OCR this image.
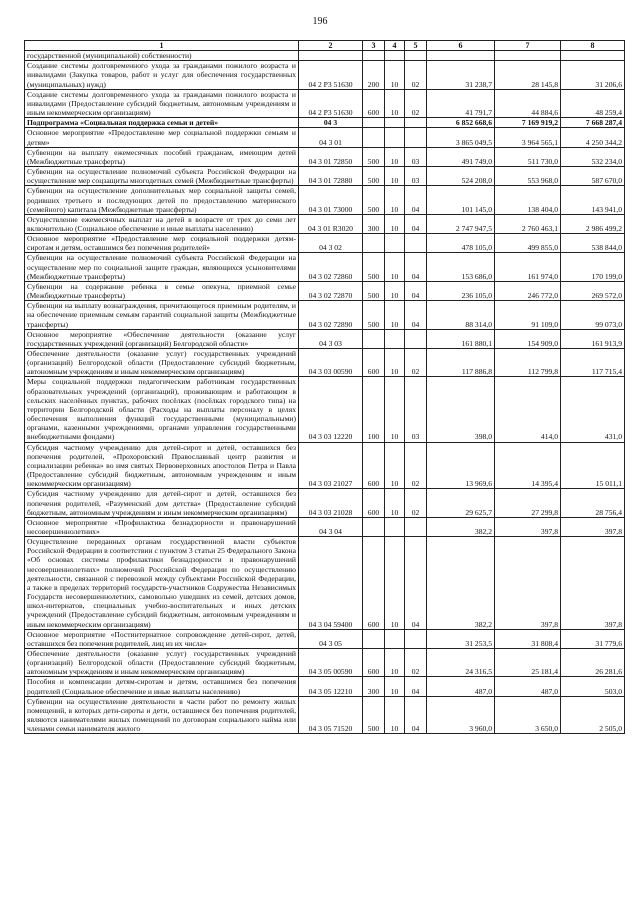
196
1	2	3	4	5	6	7	8
государственной (муниципальной) собственности)							
Создание системы долговременного ухода за гражданами пожилого возраста и инвалидами (Закупка товаров, работ и услуг для обеспечения государственных (муниципальных) нужд)	04 2 P3 51630	200	10	02	31 238,7	28 145,8	31 206,6
Создание системы долговременного ухода за гражданами пожилого возраста и инвалидами (Предоставление субсидий бюджетным, автономным учреждениям и иным некоммерческим организациям)	04 2 P3 51630	600	10	02	41 791,7	44 884,6	48 259,4
Подпрограмма «Социальная поддержка семьи и детей»	04 3				6 852 668,6	7 169 919,2	7 668 287,4
Основное мероприятие «Предоставление мер социальной поддержки семьям и детям»	04 3 01				3 865 049,5	3 964 565,1	4 250 344,2
Субвенции на выплату ежемесячных пособий гражданам, имеющим детей (Межбюджетные трансферты)	04 3 01 72850	500	10	03	491 749,0	511 730,0	532 234,0
Субвенции на осуществление полномочий субъекта Российской Федерации на осуществление мер соцзащиты многодетных семей (Межбюджетные трансферты)	04 3 01 72880	500	10	03	524 208,0	553 968,0	587 670,0
Субвенции на осуществление дополнительных мер социальной защиты семей, родивших третьего и последующих детей по предоставлению материнского (семейного) капитала (Межбюджетные трансферты)	04 3 01 73000	500	10	04	101 145,0	138 404,0	143 941,0
Осуществление ежемесячных выплат на детей в возрасте от трех до семи лет включительно (Социальное обеспечение и иные выплаты населению)	04 3 01 R3020	300	10	04	2 747 947,5	2 760 463,1	2 986 499,2
Основное мероприятие «Предоставление мер социальной поддержки детям-сиротам и детям, оставшимся без попечения родителей»	04 3 02				478 105,0	499 855,0	538 844,0
Субвенции на осуществление полномочий субъекта Российской Федерации на осуществление мер по социальной защите граждан, являющихся усыновителями (Межбюджетные трансферты)	04 3 02 72860	500	10	04	153 686,0	161 974,0	170 199,0
Субвенции на содержание ребенка в семье опекуна, приемной семье (Межбюджетные трансферты)	04 3 02 72870	500	10	04	236 105,0	246 772,0	269 572,0
Субвенции на выплату вознаграждения, причитающегося приемным родителям, и на обеспечение приемным семьям гарантий социальной защиты (Межбюджетные трансферты)	04 3 02 72890	500	10	04	88 314,0	91 109,0	99 073,0
Основное мероприятие «Обеспечение деятельности (оказание услуг государственных учреждений (организаций) Белгородской области»	04 3 03				161 880,1	154 909,0	161 913,9
Обеспечение деятельности (оказание услуг) государственных учреждений (организаций) Белгородской области (Предоставление субсидий бюджетным, автономным учреждениям и иным некоммерческим организациям)	04 3 03 00590	600	10	02	117 886,8	112 799,8	117 715,4
Меры социальной поддержки педагогическим работникам государственных образовательных учреждений (организаций), проживающим и работающим в сельских населённых пунктах, рабочих посёлках (посёлках городского типа) на территории Белгородской области (Расходы на выплаты персоналу в целях обеспечения выполнения функций государственными (муниципальными) органами, казенными учреждениями, органами управления государственными внебюджетными фондами)	04 3 03 12220	100	10	03	398,0	414,0	431,0
Субсидия частному учреждению для детей-сирот и детей, оставшихся без попечения родителей, «Прохоровский Православный центр развития и социализации ребенка» во имя святых Первоверховных апостолов Петра и Павла (Предоставление субсидий бюджетным, автономным учреждениям и иным некоммерческим организациям)	04 3 03 21027	600	10	02	13 969,6	14 395,4	15 011,1
Субсидия частному учреждению для детей-сирот и детей, оставшихся без попечения родителей, «Разуменский дом детства» (Предоставление субсидий бюджетным, автономным учреждениям и иным некоммерческим организациям)	04 3 03 21028	600	10	02	29 625,7	27 299,8	28 756,4
Основное мероприятие «Профилактика безнадзорности и правонарушений несовершеннолетних»	04 3 04				382,2	397,8	397,8
Осуществление переданных органам государственной власти субъектов Российской Федерации в соответствии с пунктом 3 статьи 25 Федерального Закона «Об основах системы профилактики безнадзорности и правонарушений несовершеннолетних» полномочий Российской Федерации по осуществлению деятельности, связанной с перевозкой между субъектами Российской Федерации, а также в пределах территорий государств-участников Содружества Независимых Государств несовершеннолетних, самовольно ушедших из семей, детских домов, школ-интернатов, специальных учебно-воспитательных и иных детских учреждений (Предоставление субсидий бюджетным, автономным учреждениям и иным некоммерческим организациям)	04 3 04 59400	600	10	04	382,2	397,8	397,8
Основное мероприятие «Постинтернатное сопровождение детей-сирот, детей, оставшихся без попечения родителей, лиц из их числа»	04 3 05				31 253,5	31 808,4	31 779,6
Обеспечение деятельности (оказание услуг) государственных учреждений (организаций) Белгородской области (Предоставление субсидий бюджетным, автономным учреждениям и иным некоммерческим организациям)	04 3 05 00590	600	10	02	24 316,5	25 181,4	26 281,6
Пособия и компенсации детям-сиротам и детям, оставшимся без попечения родителей (Социальное обеспечение и иные выплаты населению)	04 3 05 12210	300	10	04	487,0	487,0	503,0
Субвенции на осуществление деятельности в части работ по ремонту жилых помещений, в которых дети-сироты и дети, оставшиеся без попечения родителей, являются нанимателями жилых помещений по договорам социального найма или членами семьи нанимателя жилого	04 3 05 71520	500	10	04	3 960,0	3 650,0	2 505,0
